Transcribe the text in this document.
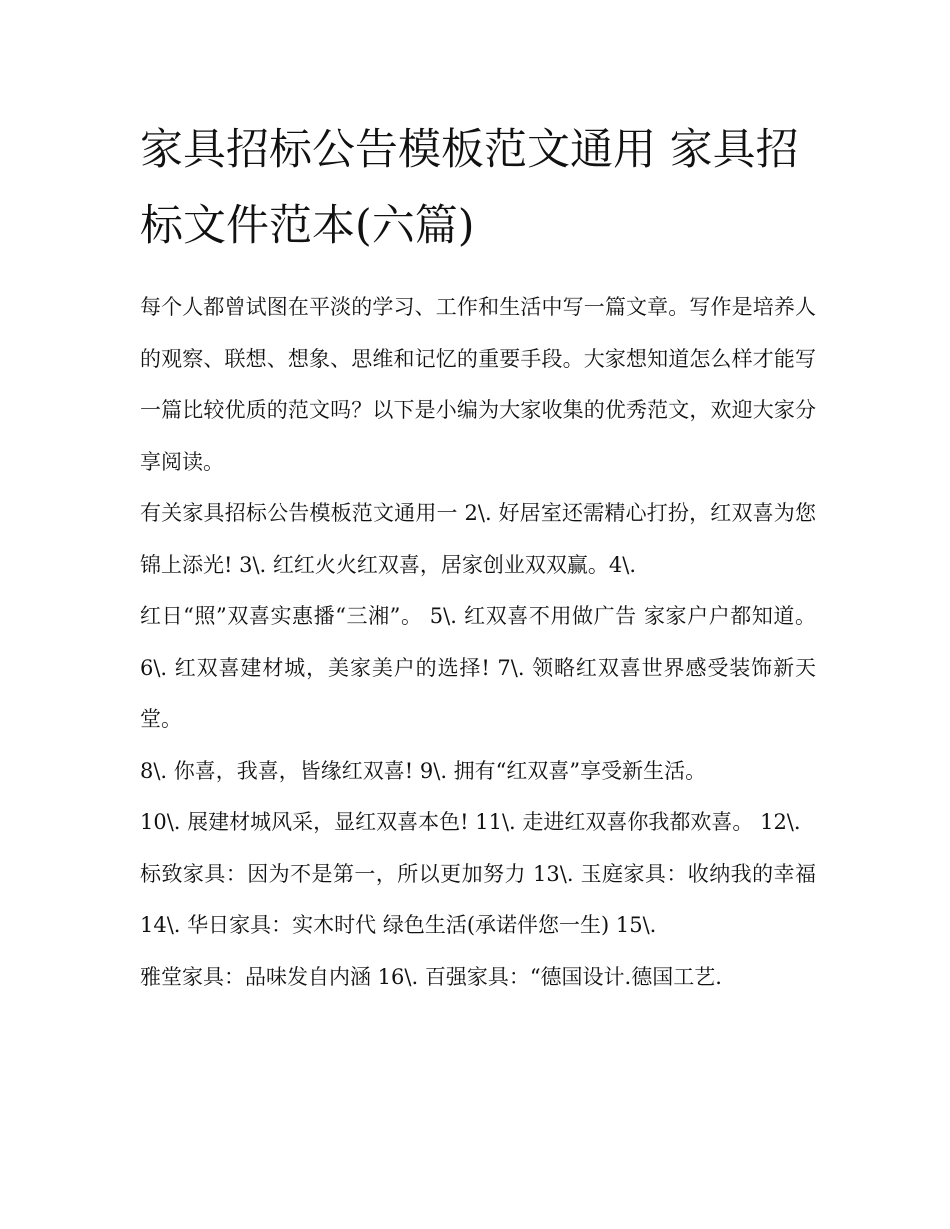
家具招标公告模板范文通用 家具招标文件范本(六篇)

每个人都曾试图在平淡的学习、工作和生活中写一篇文章。写作是培养人的观察、联想、想象、思维和记忆的重要手段。大家想知道怎么样才能写一篇比较优质的范文吗？以下是小编为大家收集的优秀范文，欢迎大家分享阅读。

有关家具招标公告模板范文通用一 2\. 好居室还需精心打扮，红双喜为您锦上添光! 3\. 红红火火红双喜，居家创业双双赢。4\.

红日“照”双喜实惠播“三湘”。 5\. 红双喜不用做广告 家家户户都知道。 6\. 红双喜建材城，美家美户的选择! 7\. 领略红双喜世界感受装饰新天堂。

8\. 你喜，我喜，皆缘红双喜! 9\. 拥有“红双喜”享受新生活。

10\. 展建材城风采，显红双喜本色! 11\. 走进红双喜你我都欢喜。 12\.

标致家具：因为不是第一，所以更加努力 13\. 玉庭家具：收纳我的幸福 14\. 华日家具：实木时代 绿色生活(承诺伴您一生) 15\.

雅堂家具：品味发自内涵 16\. 百强家具：“德国设计.德国工艺.
